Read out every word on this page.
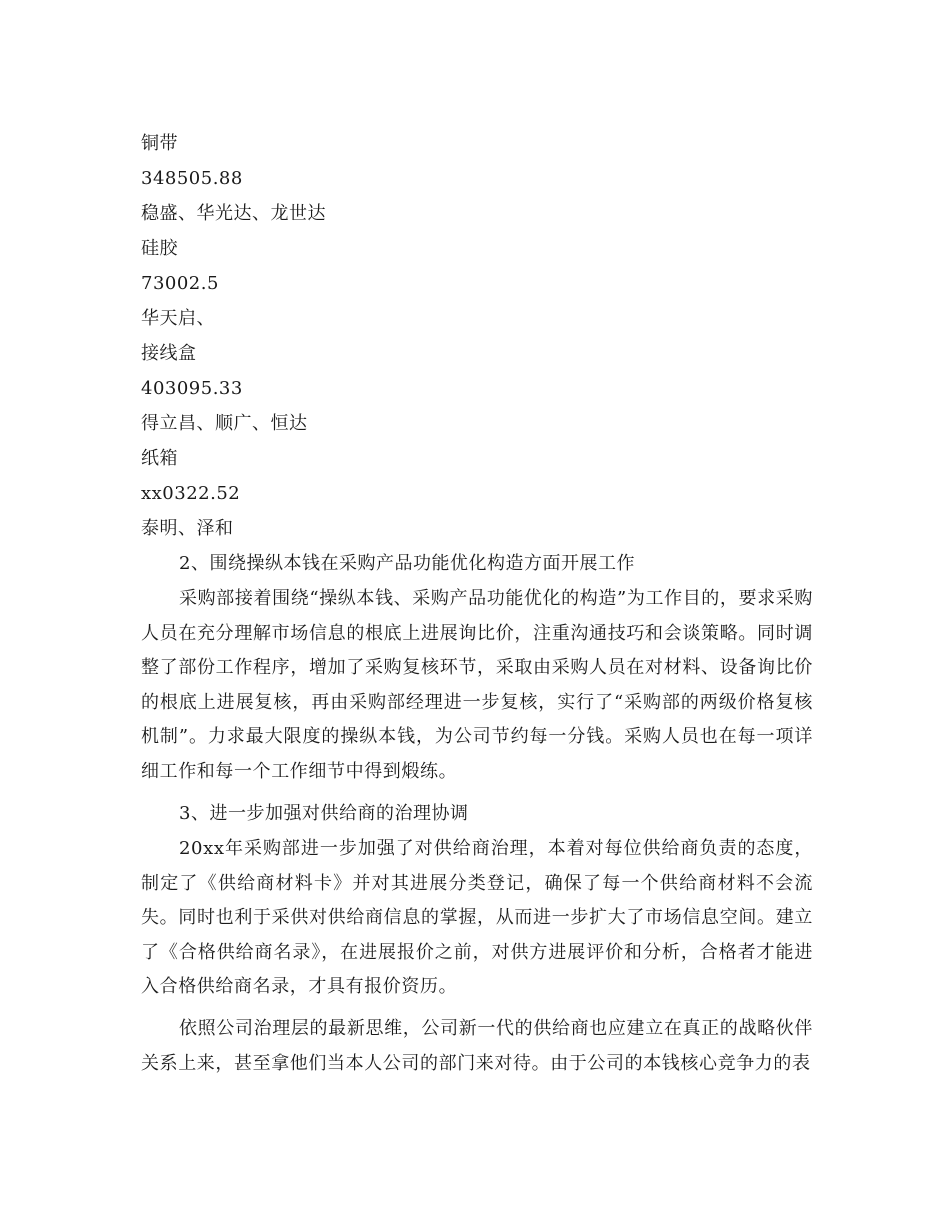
铜带
348505.88
稳盛、华光达、龙世达
硅胶
73002.5
华天启、
接线盒
403095.33
得立昌、顺广、恒达
纸箱
xx0322.52
泰明、泽和
2、围绕操纵本钱在采购产品功能优化构造方面开展工作
采购部接着围绕“操纵本钱、采购产品功能优化的构造”为工作目的，要求采购人员在充分理解市场信息的根底上进展询比价，注重沟通技巧和会谈策略。同时调整了部份工作程序，增加了采购复核环节，采取由采购人员在对材料、设备询比价的根底上进展复核，再由采购部经理进一步复核，实行了“采购部的两级价格复核机制”。力求最大限度的操纵本钱，为公司节约每一分钱。采购人员也在每一项详细工作和每一个工作细节中得到煅练。
3、进一步加强对供给商的治理协调
20xx年采购部进一步加强了对供给商治理，本着对每位供给商负责的态度，制定了《供给商材料卡》并对其进展分类登记，确保了每一个供给商材料不会流失。同时也利于采供对供给商信息的掌握，从而进一步扩大了市场信息空间。建立了《合格供给商名录》，在进展报价之前，对供方进展评价和分析，合格者才能进入合格供给商名录，才具有报价资历。
依照公司治理层的最新思维，公司新一代的供给商也应建立在真正的战略伙伴关系上来，甚至拿他们当本人公司的部门来对待。由于公司的本钱核心竞争力的表
